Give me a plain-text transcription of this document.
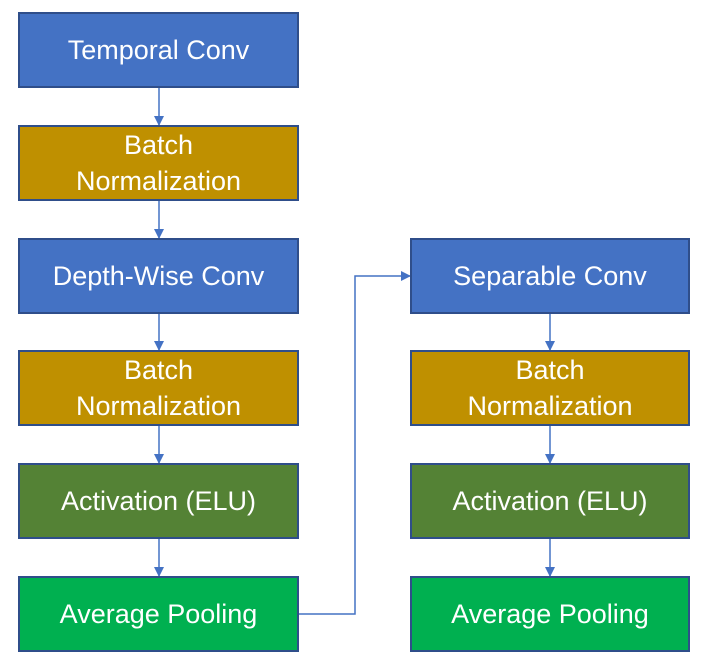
Temporal Conv
Batch
Normalization
Depth-Wise Conv
Batch
Normalization
Activation (ELU)
Average Pooling
Separable Conv
Batch
Normalization
Activation (ELU)
Average Pooling
